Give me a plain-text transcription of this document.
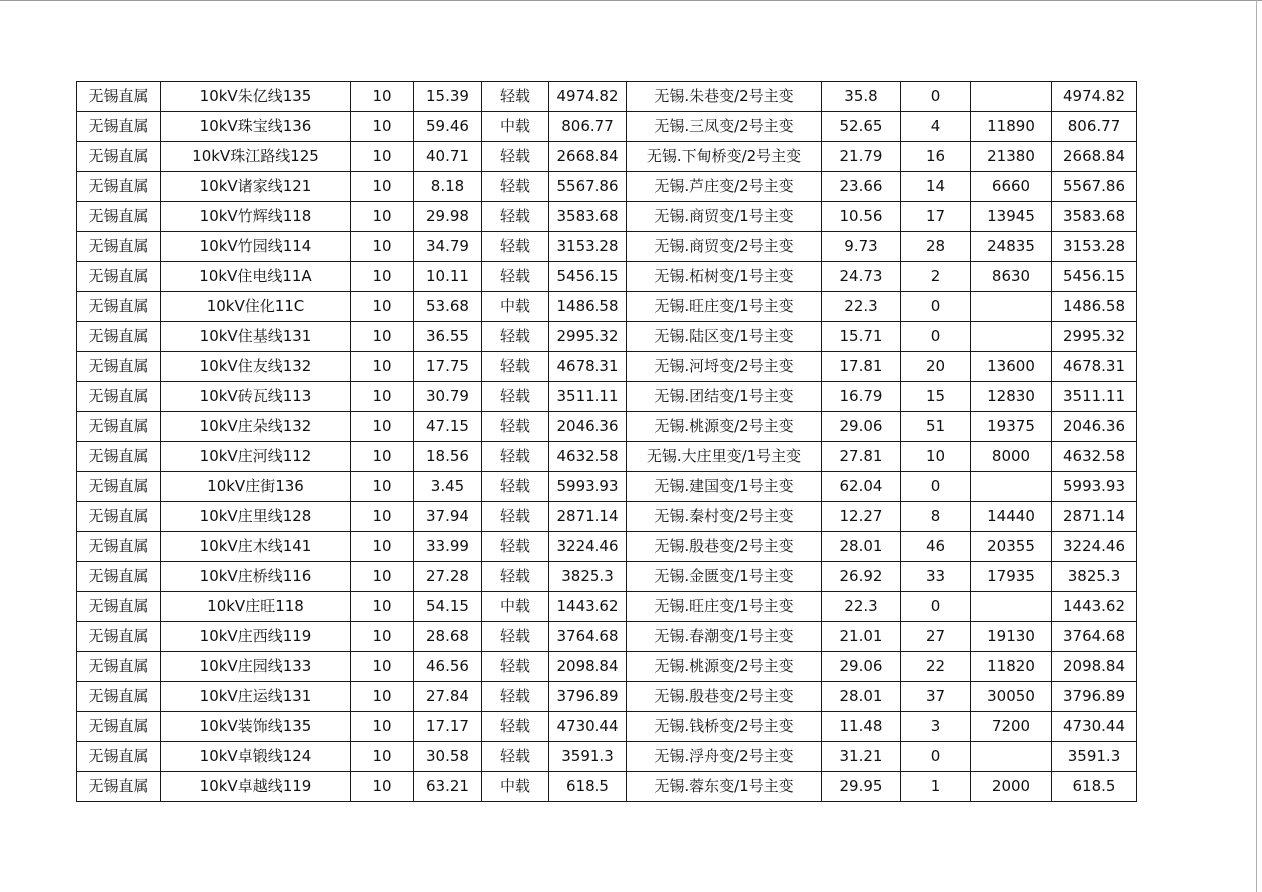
无锡直属	10kV朱亿线135	10	15.39	轻载	4974.82	无锡.朱巷变/2号主变	35.8	0		4974.82
无锡直属	10kV珠宝线136	10	59.46	中载	806.77	无锡.三凤变/2号主变	52.65	4	11890	806.77
无锡直属	10kV珠江路线125	10	40.71	轻载	2668.84	无锡.下甸桥变/2号主变	21.79	16	21380	2668.84
无锡直属	10kV诸家线121	10	8.18	轻载	5567.86	无锡.芦庄变/2号主变	23.66	14	6660	5567.86
无锡直属	10kV竹辉线118	10	29.98	轻载	3583.68	无锡.商贸变/1号主变	10.56	17	13945	3583.68
无锡直属	10kV竹园线114	10	34.79	轻载	3153.28	无锡.商贸变/2号主变	9.73	28	24835	3153.28
无锡直属	10kV住电线11A	10	10.11	轻载	5456.15	无锡.柘树变/1号主变	24.73	2	8630	5456.15
无锡直属	10kV住化11C	10	53.68	中载	1486.58	无锡.旺庄变/1号主变	22.3	0		1486.58
无锡直属	10kV住基线131	10	36.55	轻载	2995.32	无锡.陆区变/1号主变	15.71	0		2995.32
无锡直属	10kV住友线132	10	17.75	轻载	4678.31	无锡.河埒变/2号主变	17.81	20	13600	4678.31
无锡直属	10kV砖瓦线113	10	30.79	轻载	3511.11	无锡.团结变/1号主变	16.79	15	12830	3511.11
无锡直属	10kV庄朵线132	10	47.15	轻载	2046.36	无锡.桃源变/2号主变	29.06	51	19375	2046.36
无锡直属	10kV庄河线112	10	18.56	轻载	4632.58	无锡.大庄里变/1号主变	27.81	10	8000	4632.58
无锡直属	10kV庄街136	10	3.45	轻载	5993.93	无锡.建国变/1号主变	62.04	0		5993.93
无锡直属	10kV庄里线128	10	37.94	轻载	2871.14	无锡.秦村变/2号主变	12.27	8	14440	2871.14
无锡直属	10kV庄木线141	10	33.99	轻载	3224.46	无锡.殷巷变/2号主变	28.01	46	20355	3224.46
无锡直属	10kV庄桥线116	10	27.28	轻载	3825.3	无锡.金匮变/1号主变	26.92	33	17935	3825.3
无锡直属	10kV庄旺118	10	54.15	中载	1443.62	无锡.旺庄变/1号主变	22.3	0		1443.62
无锡直属	10kV庄西线119	10	28.68	轻载	3764.68	无锡.春潮变/1号主变	21.01	27	19130	3764.68
无锡直属	10kV庄园线133	10	46.56	轻载	2098.84	无锡.桃源变/2号主变	29.06	22	11820	2098.84
无锡直属	10kV庄运线131	10	27.84	轻载	3796.89	无锡.殷巷变/2号主变	28.01	37	30050	3796.89
无锡直属	10kV装饰线135	10	17.17	轻载	4730.44	无锡.钱桥变/2号主变	11.48	3	7200	4730.44
无锡直属	10kV卓锻线124	10	30.58	轻载	3591.3	无锡.浮舟变/2号主变	31.21	0		3591.3
无锡直属	10kV卓越线119	10	63.21	中载	618.5	无锡.蓉东变/1号主变	29.95	1	2000	618.5
